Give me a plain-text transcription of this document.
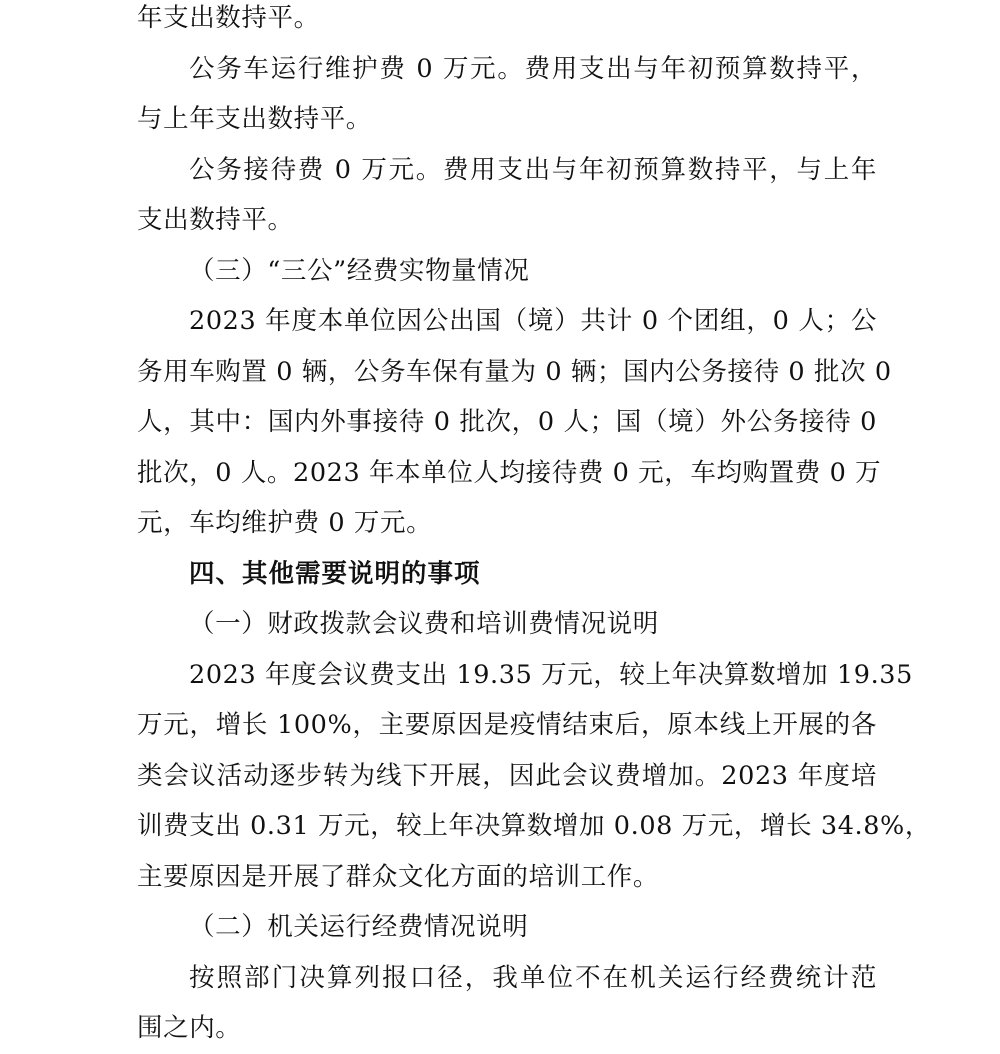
年支出数持平。
公务车运行维护费 0 万元。费用支出与年初预算数持平，
与上年支出数持平。
公务接待费 0 万元。费用支出与年初预算数持平，与上年
支出数持平。
（三）“三公”经费实物量情况
2023 年度本单位因公出国（境）共计 0 个团组，0 人；公
务用车购置 0 辆，公务车保有量为 0 辆；国内公务接待 0 批次 0
人，其中：国内外事接待 0 批次，0 人；国（境）外公务接待 0
批次，0 人。2023 年本单位人均接待费 0 元，车均购置费 0 万
元，车均维护费 0 万元。
四、其他需要说明的事项
（一）财政拨款会议费和培训费情况说明
2023 年度会议费支出 19.35 万元，较上年决算数增加 19.35
万元，增长 100%，主要原因是疫情结束后，原本线上开展的各
类会议活动逐步转为线下开展，因此会议费增加。2023 年度培
训费支出 0.31 万元，较上年决算数增加 0.08 万元，增长 34.8%，
主要原因是开展了群众文化方面的培训工作。
（二）机关运行经费情况说明
按照部门决算列报口径，我单位不在机关运行经费统计范
围之内。
